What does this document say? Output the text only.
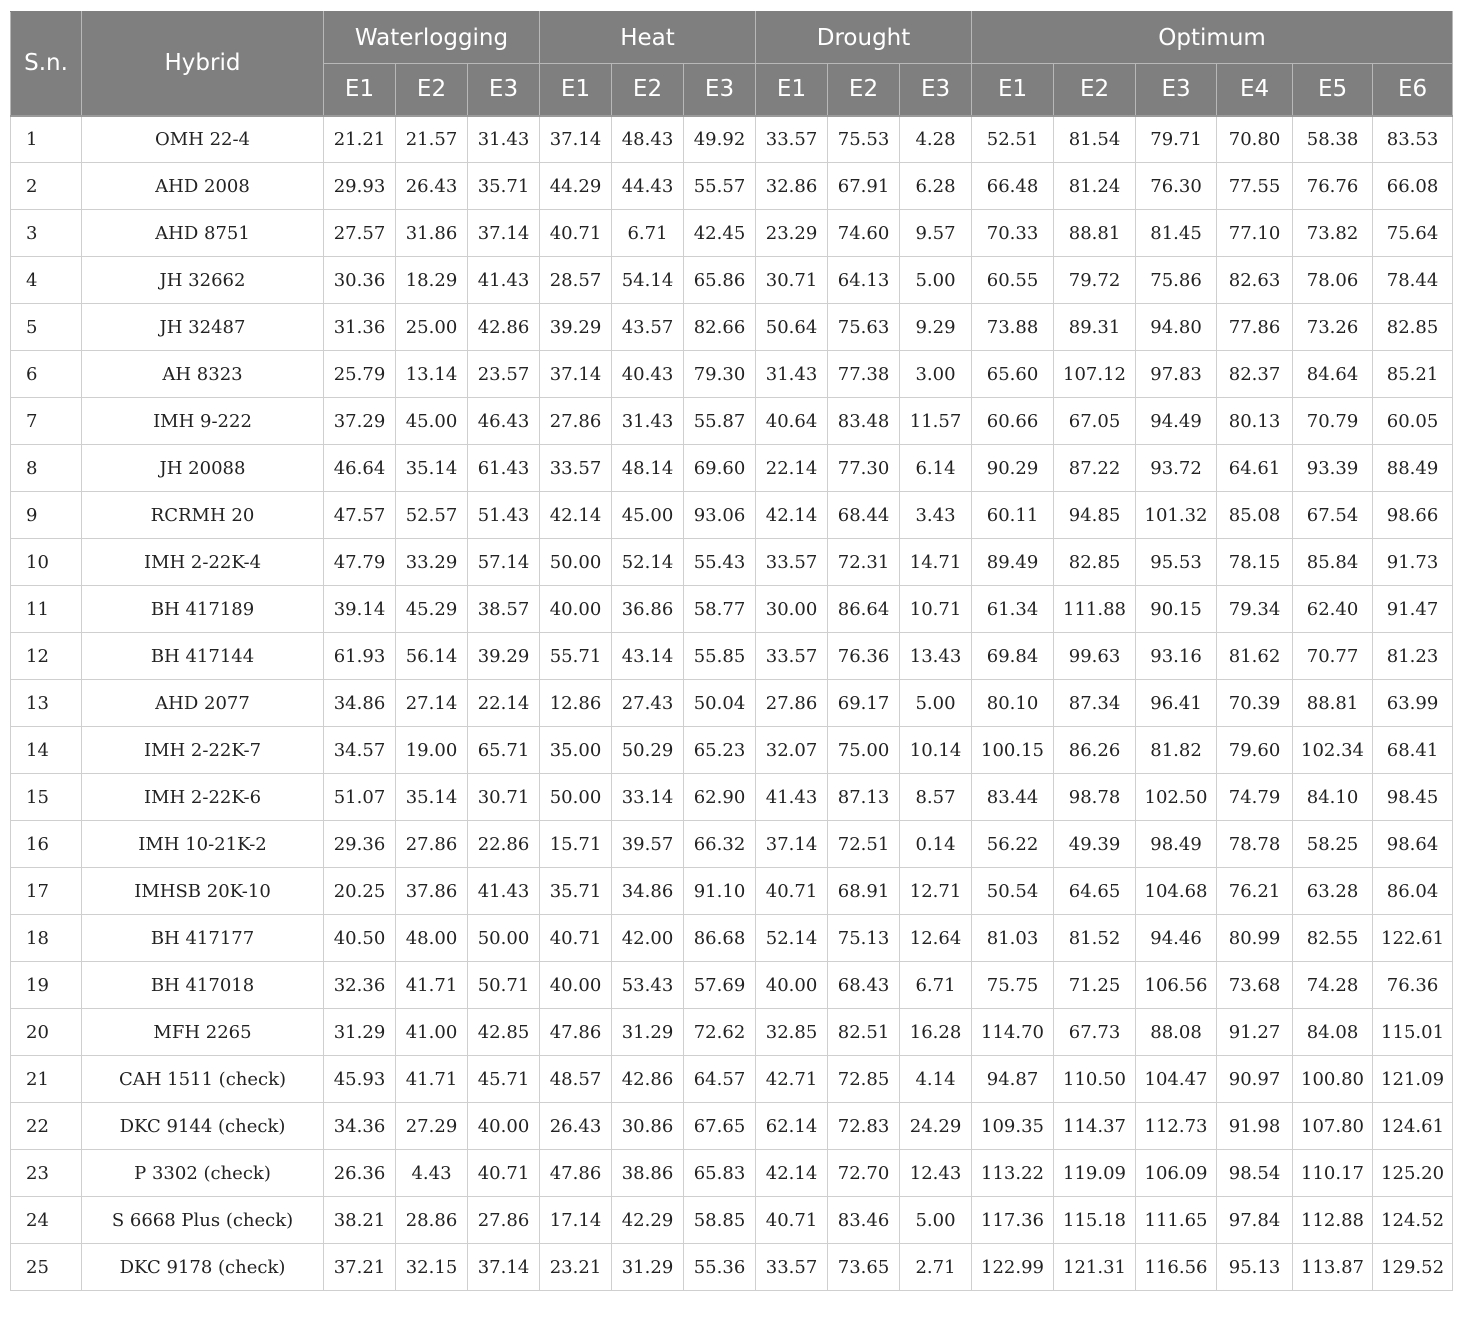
S.n.	Hybrid	Waterlogging			Heat			Drought			Optimum					
		E1	E2	E3	E1	E2	E3	E1	E2	E3	E1	E2	E3	E4	E5	E6
1	OMH 22-4	21.21	21.57	31.43	37.14	48.43	49.92	33.57	75.53	4.28	52.51	81.54	79.71	70.80	58.38	83.53
2	AHD 2008	29.93	26.43	35.71	44.29	44.43	55.57	32.86	67.91	6.28	66.48	81.24	76.30	77.55	76.76	66.08
3	AHD 8751	27.57	31.86	37.14	40.71	6.71	42.45	23.29	74.60	9.57	70.33	88.81	81.45	77.10	73.82	75.64
4	JH 32662	30.36	18.29	41.43	28.57	54.14	65.86	30.71	64.13	5.00	60.55	79.72	75.86	82.63	78.06	78.44
5	JH 32487	31.36	25.00	42.86	39.29	43.57	82.66	50.64	75.63	9.29	73.88	89.31	94.80	77.86	73.26	82.85
6	AH 8323	25.79	13.14	23.57	37.14	40.43	79.30	31.43	77.38	3.00	65.60	107.12	97.83	82.37	84.64	85.21
7	IMH 9-222	37.29	45.00	46.43	27.86	31.43	55.87	40.64	83.48	11.57	60.66	67.05	94.49	80.13	70.79	60.05
8	JH 20088	46.64	35.14	61.43	33.57	48.14	69.60	22.14	77.30	6.14	90.29	87.22	93.72	64.61	93.39	88.49
9	RCRMH 20	47.57	52.57	51.43	42.14	45.00	93.06	42.14	68.44	3.43	60.11	94.85	101.32	85.08	67.54	98.66
10	IMH 2-22K-4	47.79	33.29	57.14	50.00	52.14	55.43	33.57	72.31	14.71	89.49	82.85	95.53	78.15	85.84	91.73
11	BH 417189	39.14	45.29	38.57	40.00	36.86	58.77	30.00	86.64	10.71	61.34	111.88	90.15	79.34	62.40	91.47
12	BH 417144	61.93	56.14	39.29	55.71	43.14	55.85	33.57	76.36	13.43	69.84	99.63	93.16	81.62	70.77	81.23
13	AHD 2077	34.86	27.14	22.14	12.86	27.43	50.04	27.86	69.17	5.00	80.10	87.34	96.41	70.39	88.81	63.99
14	IMH 2-22K-7	34.57	19.00	65.71	35.00	50.29	65.23	32.07	75.00	10.14	100.15	86.26	81.82	79.60	102.34	68.41
15	IMH 2-22K-6	51.07	35.14	30.71	50.00	33.14	62.90	41.43	87.13	8.57	83.44	98.78	102.50	74.79	84.10	98.45
16	IMH 10-21K-2	29.36	27.86	22.86	15.71	39.57	66.32	37.14	72.51	0.14	56.22	49.39	98.49	78.78	58.25	98.64
17	IMHSB 20K-10	20.25	37.86	41.43	35.71	34.86	91.10	40.71	68.91	12.71	50.54	64.65	104.68	76.21	63.28	86.04
18	BH 417177	40.50	48.00	50.00	40.71	42.00	86.68	52.14	75.13	12.64	81.03	81.52	94.46	80.99	82.55	122.61
19	BH 417018	32.36	41.71	50.71	40.00	53.43	57.69	40.00	68.43	6.71	75.75	71.25	106.56	73.68	74.28	76.36
20	MFH 2265	31.29	41.00	42.85	47.86	31.29	72.62	32.85	82.51	16.28	114.70	67.73	88.08	91.27	84.08	115.01
21	CAH 1511 (check)	45.93	41.71	45.71	48.57	42.86	64.57	42.71	72.85	4.14	94.87	110.50	104.47	90.97	100.80	121.09
22	DKC 9144 (check)	34.36	27.29	40.00	26.43	30.86	67.65	62.14	72.83	24.29	109.35	114.37	112.73	91.98	107.80	124.61
23	P 3302 (check)	26.36	4.43	40.71	47.86	38.86	65.83	42.14	72.70	12.43	113.22	119.09	106.09	98.54	110.17	125.20
24	S 6668 Plus (check)	38.21	28.86	27.86	17.14	42.29	58.85	40.71	83.46	5.00	117.36	115.18	111.65	97.84	112.88	124.52
25	DKC 9178 (check)	37.21	32.15	37.14	23.21	31.29	55.36	33.57	73.65	2.71	122.99	121.31	116.56	95.13	113.87	129.52
